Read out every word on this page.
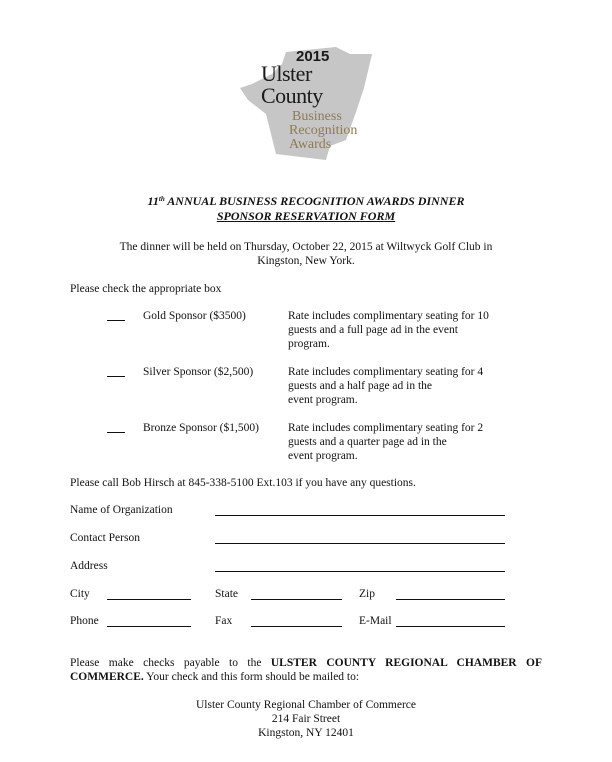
2015
Ulster
County
Business
Recognition
Awards
11th ANNUAL BUSINESS RECOGNITION AWARDS DINNER
SPONSOR RESERVATION FORM
The dinner will be held on Thursday, October 22, 2015 at Wiltwyck Golf Club in
Kingston, New York.
Please check the appropriate box
Gold Sponsor ($3500)	Rate includes complimentary seating for 10
guests and a full page ad in the event
program.
Silver Sponsor ($2,500)	Rate includes complimentary seating for 4
guests and a half page ad in the
event program.
Bronze Sponsor ($1,500)	Rate includes complimentary seating for 2
guests and a quarter page ad in the
event program.
Please call Bob Hirsch at 845-338-5100 Ext.103 if you have any questions.
Name of Organization
Contact Person
Address
City	State	Zip
Phone	Fax	E-Mail
Please make checks payable to the ULSTER COUNTY REGIONAL CHAMBER OF
COMMERCE. Your check and this form should be mailed to:
Ulster County Regional Chamber of Commerce
214 Fair Street
Kingston, NY 12401
